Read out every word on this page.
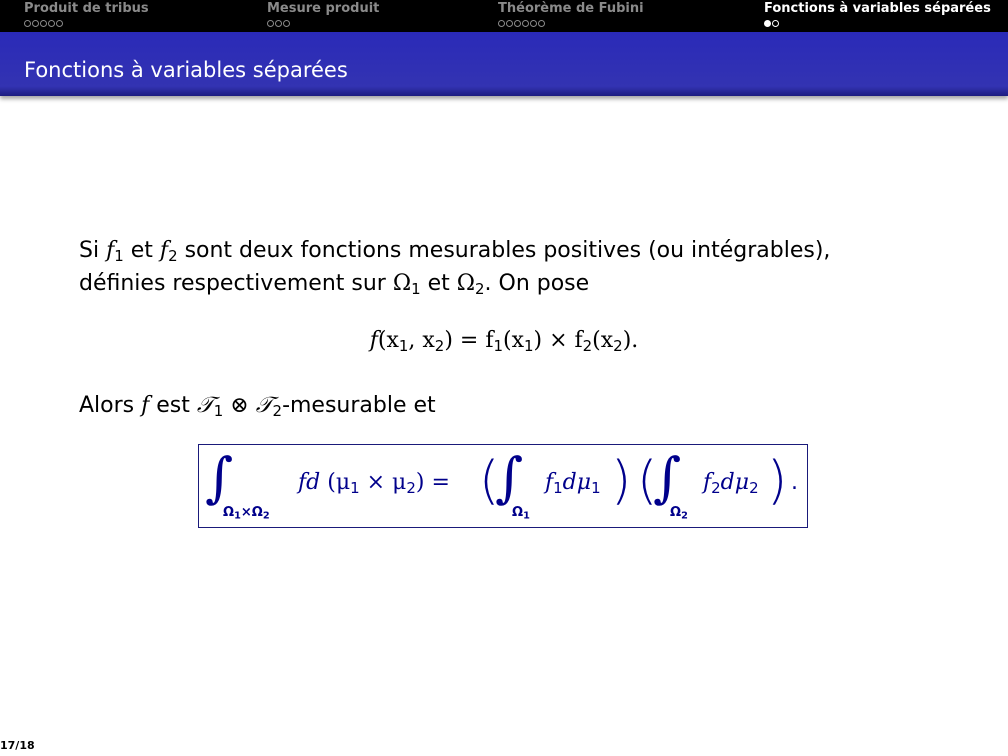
Produit de tribus	Mesure produit	Théorème de Fubini	Fonctions à variables séparées
Fonctions à variables séparées
Si $f_1$ et $f_2$ sont deux fonctions mesurables positives (ou intégrables),
définies respectivement sur $\Omega_1$ et $\Omega_2$. On pose
$f(x_1$, $x_2) = f_1(x_1) \times f_2(x_2)$.
Alors f est 𝒯$_1$ ⊗ 𝒯$_2$-mesurable et
∫
$\Omega_1\times\Omega_2$
fd $(\mu_1 \times \mu_2)$ = (
∫
$\Omega_1$
$f_1d\mu_1$ ) (
∫
$\Omega_2$
$f_2d\mu_2$ ) .
17/18
